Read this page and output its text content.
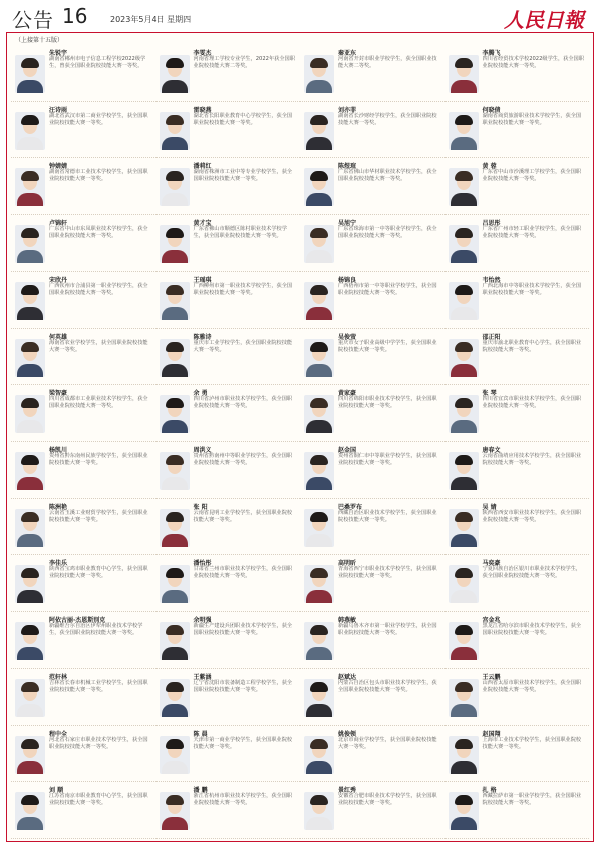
公告 16	2023年5月4日 星期四	人民日報
（上接第十五版）
朱锐宇
湖南省郴州市电子信息工程学校2022级学生，曾获全国职业院校技能大赛一等奖。
李雯杰
河南省理工学校专业学生，2022年获全国职业院校技能大赛二等奖。
秦亚东
河南省开封市职业学校学生，获全国职业技能大赛二等奖。
李腾飞
四川省经贸技术学校2022级学生，获全国职业院校技能大赛一等奖。
汪诗雨
湖北省武汉市第二商业学校学生，获全国职业院校技能大赛一等奖。
雷晓燕
湖北省长阳职业教育中心学校学生，获全国职业院校技能大赛一等奖。
刘亦菲
湖南省长沙财经学校学生，获全国职业院校技能大赛一等奖。
何晓倩
湖南省商贸旅游职业技术学校学生，获全国职业院校技能大赛一等奖。
钟婧婧
湖南省常德市工业技术学校学生，获全国职业院校技能大赛一等奖。
潘莉红
湖南省株洲市工业中等专业学校学生，获全国职业院校技能大赛一等奖。
陈煜瑄
广东省佛山市华材职业技术学校学生，获全国职业院校技能大赛一等奖。
黄 蓉
广东省中山市沙溪理工学校学生，获全国职业院校技能大赛一等奖。
卢锦轩
广东省中山市东凤职业技术学校学生，获全国职业院校技能大赛一等奖。
黄才宝
广东省佛山市顺德区陈村职业技术学校学生，获全国职业院校技能大赛一等奖。
吴旭宁
广东省珠海市第一中等职业学校学生，获全国职业院校技能大赛一等奖。
吕思彤
广东省广州市轻工职业学校学生，获全国职业院校技能大赛一等奖。
宋欣丹
广西钦州市合浦县第一职业学校学生，获全国职业院校技能大赛一等奖。
王瑶琪
广西柳州市第一职业技术学校学生，获全国职业院校技能大赛一等奖。
杨锦良
广西梧州市第一中等职业学校学生，获全国职业院校技能大赛一等奖。
韦怡然
广西北海市中等职业技术学校学生，获全国职业院校技能大赛一等奖。
何英雄
海南省农业学校学生，获全国职业院校技能大赛一等奖。
陈雅诗
重庆市工业学校学生，获全国职业院校技能大赛一等奖。
吴俊萤
重庆市女子职业高级中学学生，获全国职业院校技能大赛一等奖。
邵正阳
重庆市渝北职业教育中心学生，获全国职业院校技能大赛一等奖。
梁智豪
四川省成都市工业职业技术学校学生，获全国职业院校技能大赛一等奖。
余 勇
四川省泸州市职业技术学校学生，获全国职业院校技能大赛一等奖。
黄家豪
四川省绵阳市职业技术学校学生，获全国职业院校技能大赛一等奖。
张 琴
四川省宜宾市职业技术学校学生，获全国职业院校技能大赛一等奖。
杨凯川
贵州省黔东南州民族学校学生，获全国职业院校技能大赛一等奖。
周洪义
贵州省黔南州中等职业学校学生，获全国职业院校技能大赛一等奖。
赵金国
贵州省铜仁市中等职业学校学生，获全国职业院校技能大赛一等奖。
唐春文
云南省曲靖应用技术学校学生，获全国职业院校技能大赛一等奖。
陈洲艳
云南省玉溪工业财贸学校学生，获全国职业院校技能大赛一等奖。
张 阳
云南省昆明工业学校学生，获全国职业院校技能大赛一等奖。
巴桑罗布
西藏自治区职业技术学校学生，获全国职业院校技能大赛一等奖。
吴 婧
陕西省西安市职业技术学校学生，获全国职业院校技能大赛一等奖。
李佳乐
陕西省宝鸡市职业教育中心学生，获全国职业院校技能大赛一等奖。
潘怡彤
甘肃省兰州市职业技术学校学生，获全国职业院校技能大赛一等奖。
高明昕
青海省西宁市职业技术学校学生，获全国职业院校技能大赛一等奖。
马奕豪
宁夏回族自治区银川市职业技术学校学生，获全国职业院校技能大赛一等奖。
阿依古丽·杰恩斯别克
新疆维吾尔自治区伊犁州职业技术学校学生，获全国职业院校技能大赛一等奖。
余明强
新疆生产建设兵团职业技术学校学生，获全国职业院校技能大赛一等奖。
韩燕敏
新疆乌鲁木齐市第一职业学校学生，获全国职业院校技能大赛一等奖。
宫金兆
黑龙江省哈尔滨市职业技术学校学生，获全国职业院校技能大赛一等奖。
范轩林
吉林省长春市机械工业学校学生，获全国职业院校技能大赛一等奖。
王紫涵
辽宁省沈阳市装备制造工程学校学生，获全国职业院校技能大赛一等奖。
赵斌达
内蒙古自治区包头市职业技术学校学生，获全国职业院校技能大赛一等奖。
王云鹏
山西省太原市职业技术学校学生，获全国职业院校技能大赛一等奖。
程中全
河北省石家庄市职业技术学校学生，获全国职业院校技能大赛一等奖。
陈 晨
天津市第一商业学校学生，获全国职业院校技能大赛一等奖。
姚俊领
北京市商业学校学生，获全国职业院校技能大赛一等奖。
赵国翔
上海市工业技术学校学生，获全国职业院校技能大赛一等奖。
刘 顺
江苏省南京市职业教育中心学生，获全国职业院校技能大赛一等奖。
潘 鹏
浙江省杭州市职业技术学校学生，获全国职业院校技能大赛一等奖。
景红秀
安徽省合肥市职业技术学校学生，获全国职业院校技能大赛一等奖。
扎 格
西藏拉萨市第一职业学校学生，获全国职业院校技能大赛一等奖。
